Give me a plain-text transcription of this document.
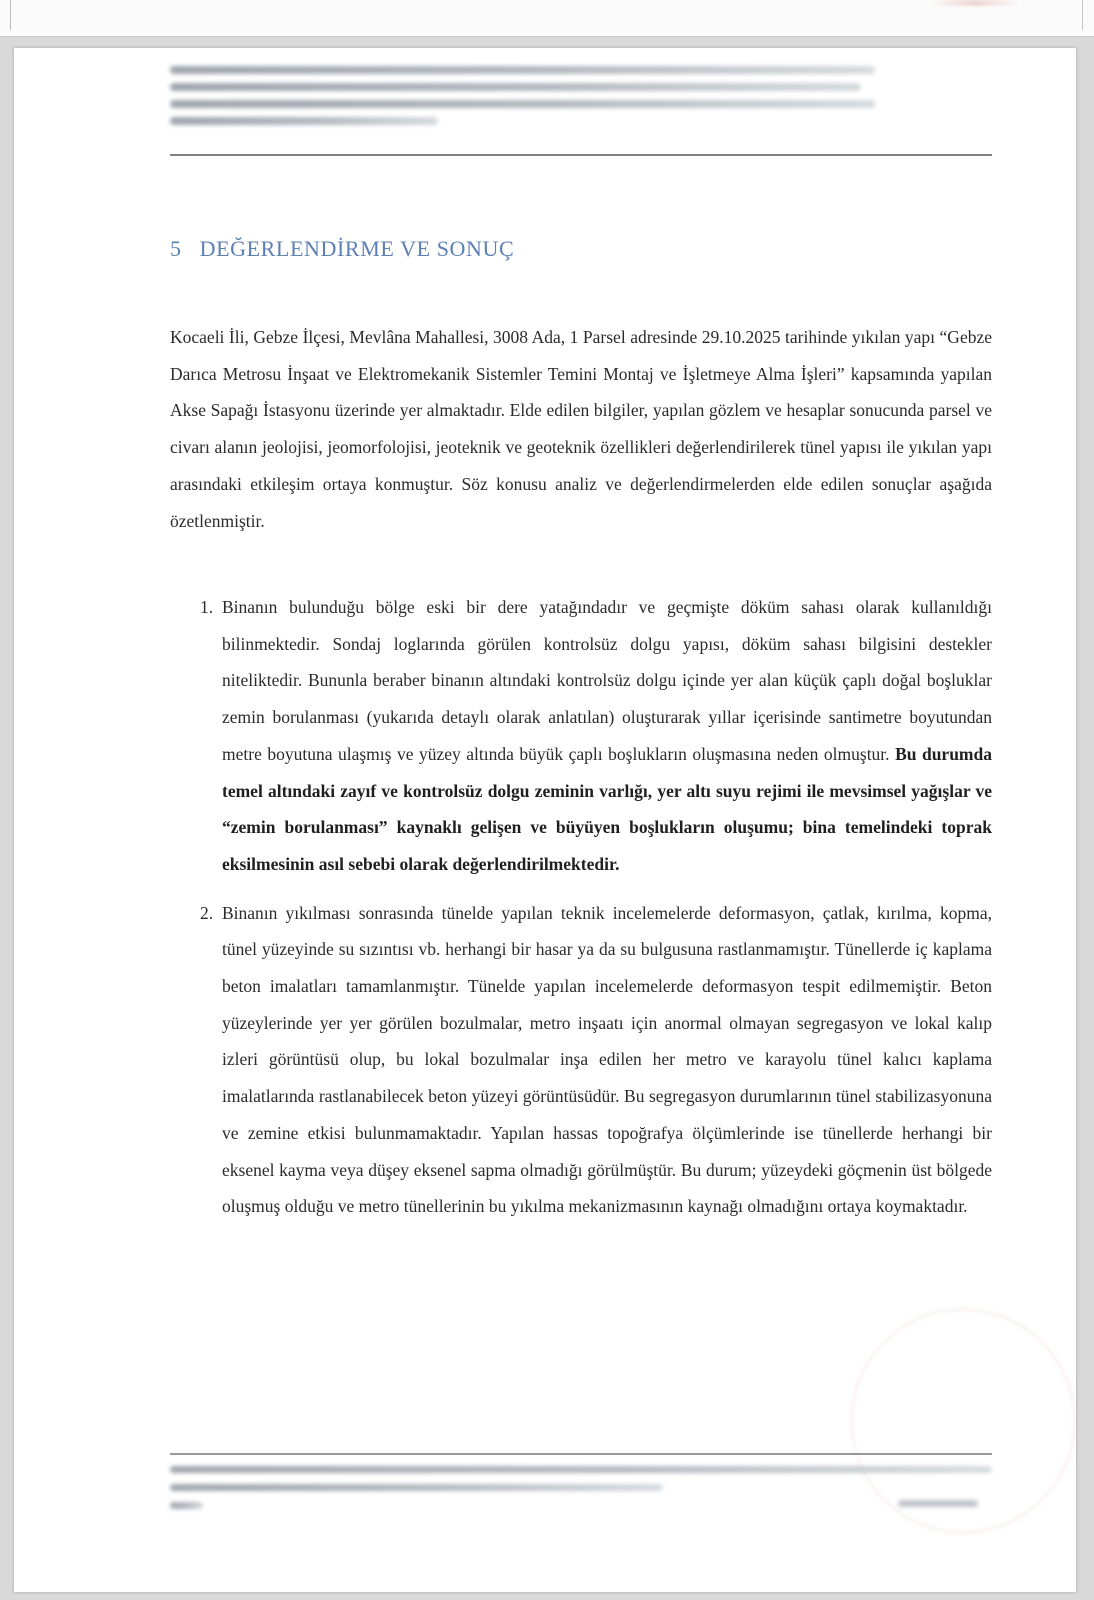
5 DEĞERLENDİRME VE SONUÇ

Kocaeli İli, Gebze İlçesi, Mevlâna Mahallesi, 3008 Ada, 1 Parsel adresinde 29.10.2025 tarihinde yıkılan yapı “Gebze Darıca Metrosu İnşaat ve Elektromekanik Sistemler Temini Montaj ve İşletmeye Alma İşleri” kapsamında yapılan Akse Sapağı İstasyonu üzerinde yer almaktadır. Elde edilen bilgiler, yapılan gözlem ve hesaplar sonucunda parsel ve civarı alanın jeolojisi, jeomorfolojisi, jeoteknik ve geoteknik özellikleri değerlendirilerek tünel yapısı ile yıkılan yapı arasındaki etkileşim ortaya konmuştur. Söz konusu analiz ve değerlendirmelerden elde edilen sonuçlar aşağıda özetlenmiştir.

1. Binanın bulunduğu bölge eski bir dere yatağındadır ve geçmişte döküm sahası olarak kullanıldığı bilinmektedir. Sondaj loglarında görülen kontrolsüz dolgu yapısı, döküm sahası bilgisini destekler niteliktedir. Bununla beraber binanın altındaki kontrolsüz dolgu içinde yer alan küçük çaplı doğal boşluklar zemin borulanması (yukarıda detaylı olarak anlatılan) oluşturarak yıllar içerisinde santimetre boyutundan metre boyutuna ulaşmış ve yüzey altında büyük çaplı boşlukların oluşmasına neden olmuştur. Bu durumda temel altındaki zayıf ve kontrolsüz dolgu zeminin varlığı, yer altı suyu rejimi ile mevsimsel yağışlar ve “zemin borulanması” kaynaklı gelişen ve büyüyen boşlukların oluşumu; bina temelindeki toprak eksilmesinin asıl sebebi olarak değerlendirilmektedir.
2. Binanın yıkılması sonrasında tünelde yapılan teknik incelemelerde deformasyon, çatlak, kırılma, kopma, tünel yüzeyinde su sızıntısı vb. herhangi bir hasar ya da su bulgusuna rastlanmamıştır. Tünellerde iç kaplama beton imalatları tamamlanmıştır. Tünelde yapılan incelemelerde deformasyon tespit edilmemiştir. Beton yüzeylerinde yer yer görülen bozulmalar, metro inşaatı için anormal olmayan segregasyon ve lokal kalıp izleri görüntüsü olup, bu lokal bozulmalar inşa edilen her metro ve karayolu tünel kalıcı kaplama imalatlarında rastlanabilecek beton yüzeyi görüntüsüdür. Bu segregasyon durumlarının tünel stabilizasyonuna ve zemine etkisi bulunmamaktadır. Yapılan hassas topoğrafya ölçümlerinde ise tünellerde herhangi bir eksenel kayma veya düşey eksenel sapma olmadığı görülmüştür. Bu durum; yüzeydeki göçmenin üst bölgede oluşmuş olduğu ve metro tünellerinin bu yıkılma mekanizmasının kaynağı olmadığını ortaya koymaktadır.
